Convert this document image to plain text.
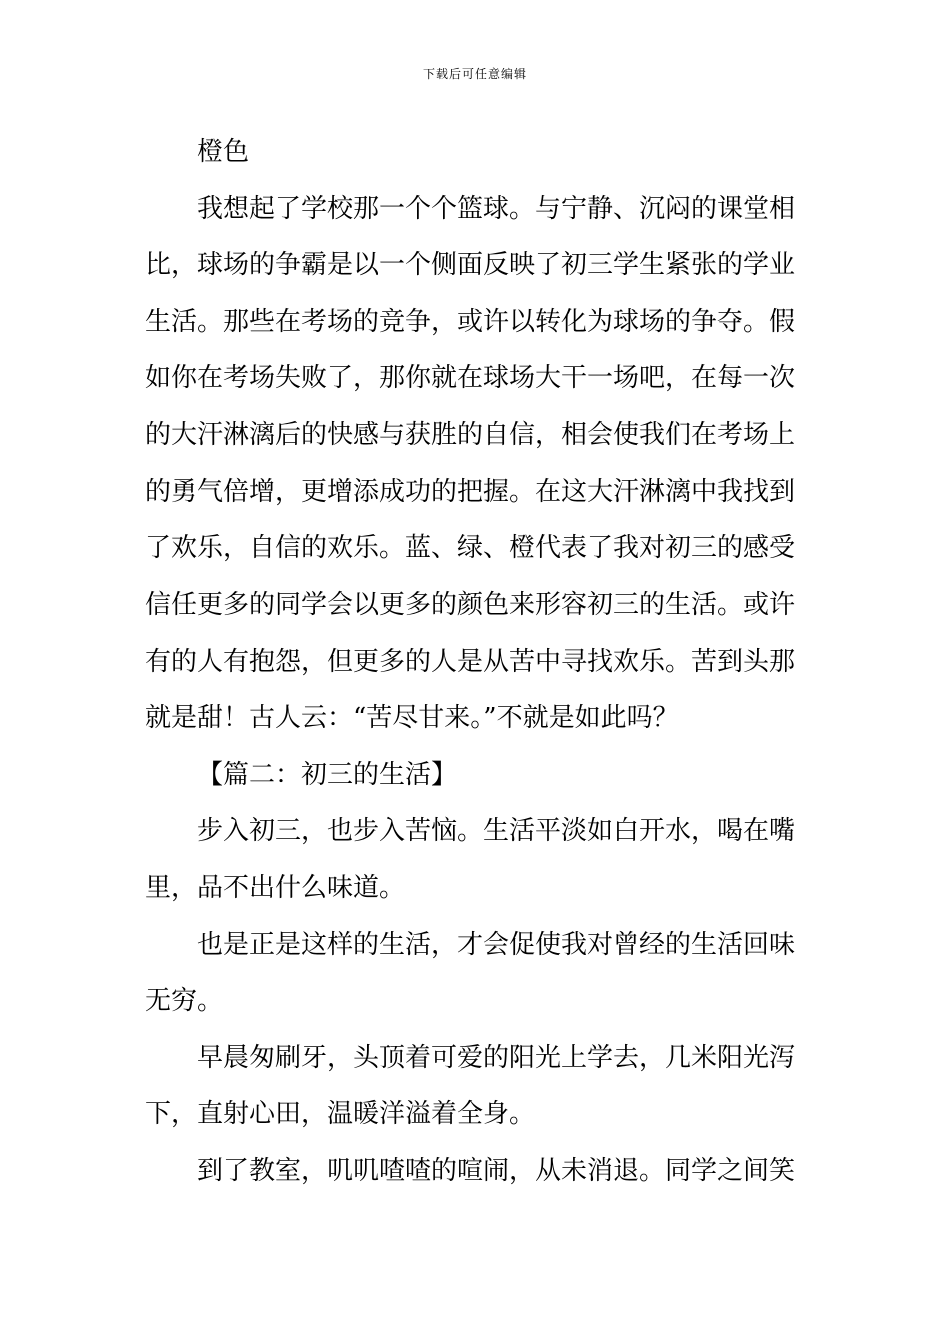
下载后可任意编辑
橙色
我想起了学校那一个个篮球。与宁静、沉闷的课堂相
比，球场的争霸是以一个侧面反映了初三学生紧张的学业
生活。那些在考场的竞争，或许以转化为球场的争夺。假
如你在考场失败了，那你就在球场大干一场吧，在每一次
的大汗淋漓后的快感与获胜的自信，相会使我们在考场上
的勇气倍增，更增添成功的把握。在这大汗淋漓中我找到
了欢乐，自信的欢乐。蓝、绿、橙代表了我对初三的感受
信任更多的同学会以更多的颜色来形容初三的生活。或许
有的人有抱怨，但更多的人是从苦中寻找欢乐。苦到头那
就是甜！古人云：“苦尽甘来。”不就是如此吗？
【篇二：初三的生活】
步入初三，也步入苦恼。生活平淡如白开水，喝在嘴
里，品不出什么味道。
也是正是这样的生活，才会促使我对曾经的生活回味
无穷。
早晨匆刷牙，头顶着可爱的阳光上学去，几米阳光泻
下，直射心田，温暖洋溢着全身。
到了教室，叽叽喳喳的喧闹，从未消退。同学之间笑
